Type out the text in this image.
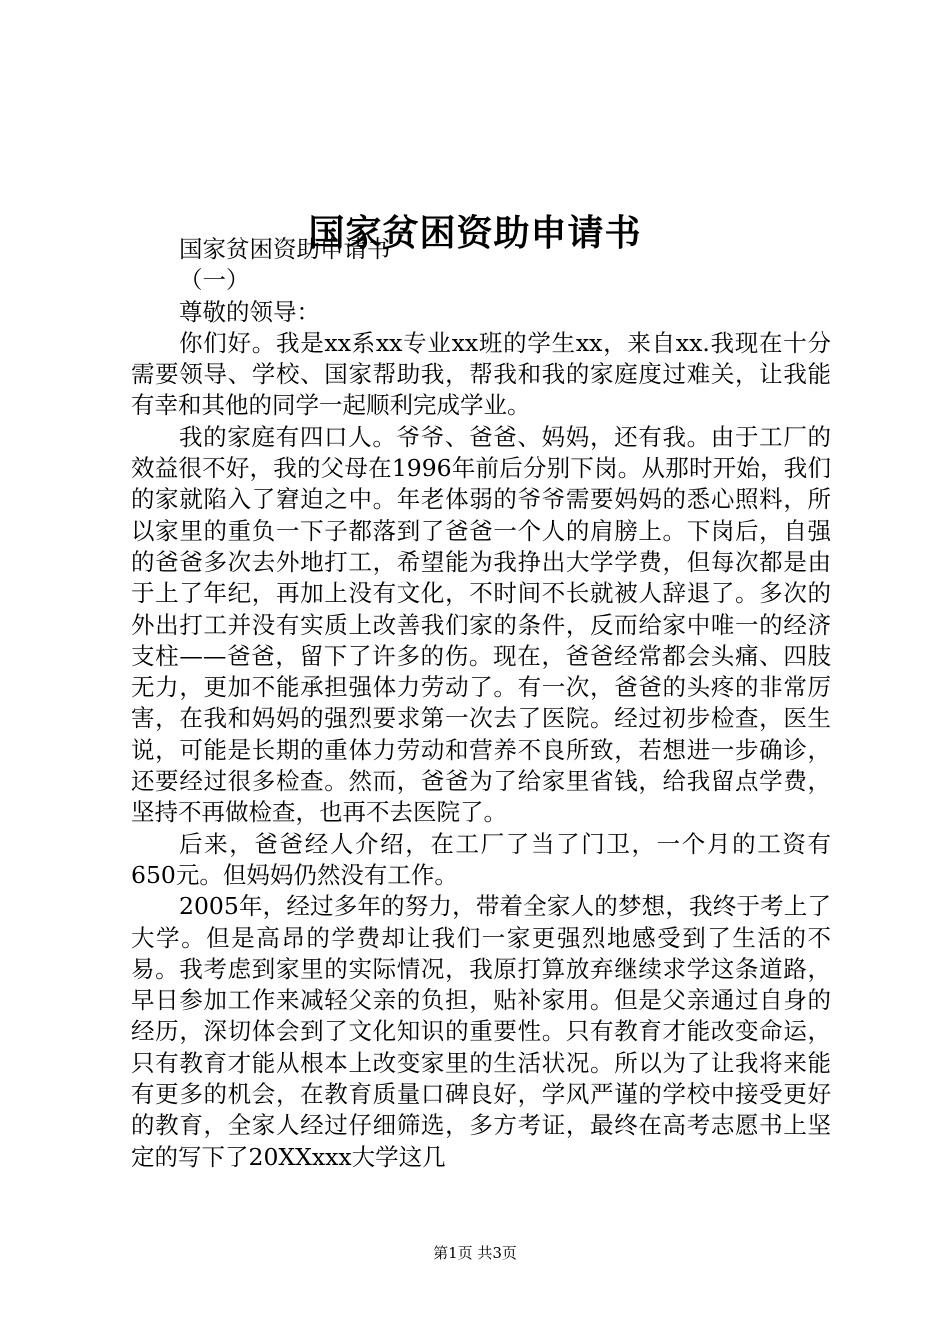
国家贫困资助申请书

国家贫困资助申请书

（一）

尊敬的领导：

你们好。我是xx系xx专业xx班的学生xx，来自xx.我现在十分需要领导、学校、国家帮助我，帮我和我的家庭度过难关，让我能有幸和其他的同学一起顺利完成学业。

我的家庭有四口人。爷爷、爸爸、妈妈，还有我。由于工厂的效益很不好，我的父母在1996年前后分别下岗。从那时开始，我们的家就陷入了窘迫之中。年老体弱的爷爷需要妈妈的悉心照料，所以家里的重负一下子都落到了爸爸一个人的肩膀上。下岗后，自强的爸爸多次去外地打工，希望能为我挣出大学学费，但每次都是由于上了年纪，再加上没有文化，不时间不长就被人辞退了。多次的外出打工并没有实质上改善我们家的条件，反而给家中唯一的经济支柱——爸爸，留下了许多的伤。现在，爸爸经常都会头痛、四肢无力，更加不能承担强体力劳动了。有一次，爸爸的头疼的非常厉害，在我和妈妈的强烈要求第一次去了医院。经过初步检查，医生说，可能是长期的重体力劳动和营养不良所致，若想进一步确诊，还要经过很多检查。然而，爸爸为了给家里省钱，给我留点学费，坚持不再做检查，也再不去医院了。

后来，爸爸经人介绍，在工厂了当了门卫，一个月的工资有650元。但妈妈仍然没有工作。

2005年，经过多年的努力，带着全家人的梦想，我终于考上了大学。但是高昂的学费却让我们一家更强烈地感受到了生活的不易。我考虑到家里的实际情况，我原打算放弃继续求学这条道路，早日参加工作来减轻父亲的负担，贴补家用。但是父亲通过自身的经历，深切体会到了文化知识的重要性。只有教育才能改变命运，只有教育才能从根本上改变家里的生活状况。所以为了让我将来能有更多的机会，在教育质量口碑良好，学风严谨的学校中接受更好的教育，全家人经过仔细筛选，多方考证，最终在高考志愿书上坚定的写下了20XXxxx大学这几

第1页 共3页
